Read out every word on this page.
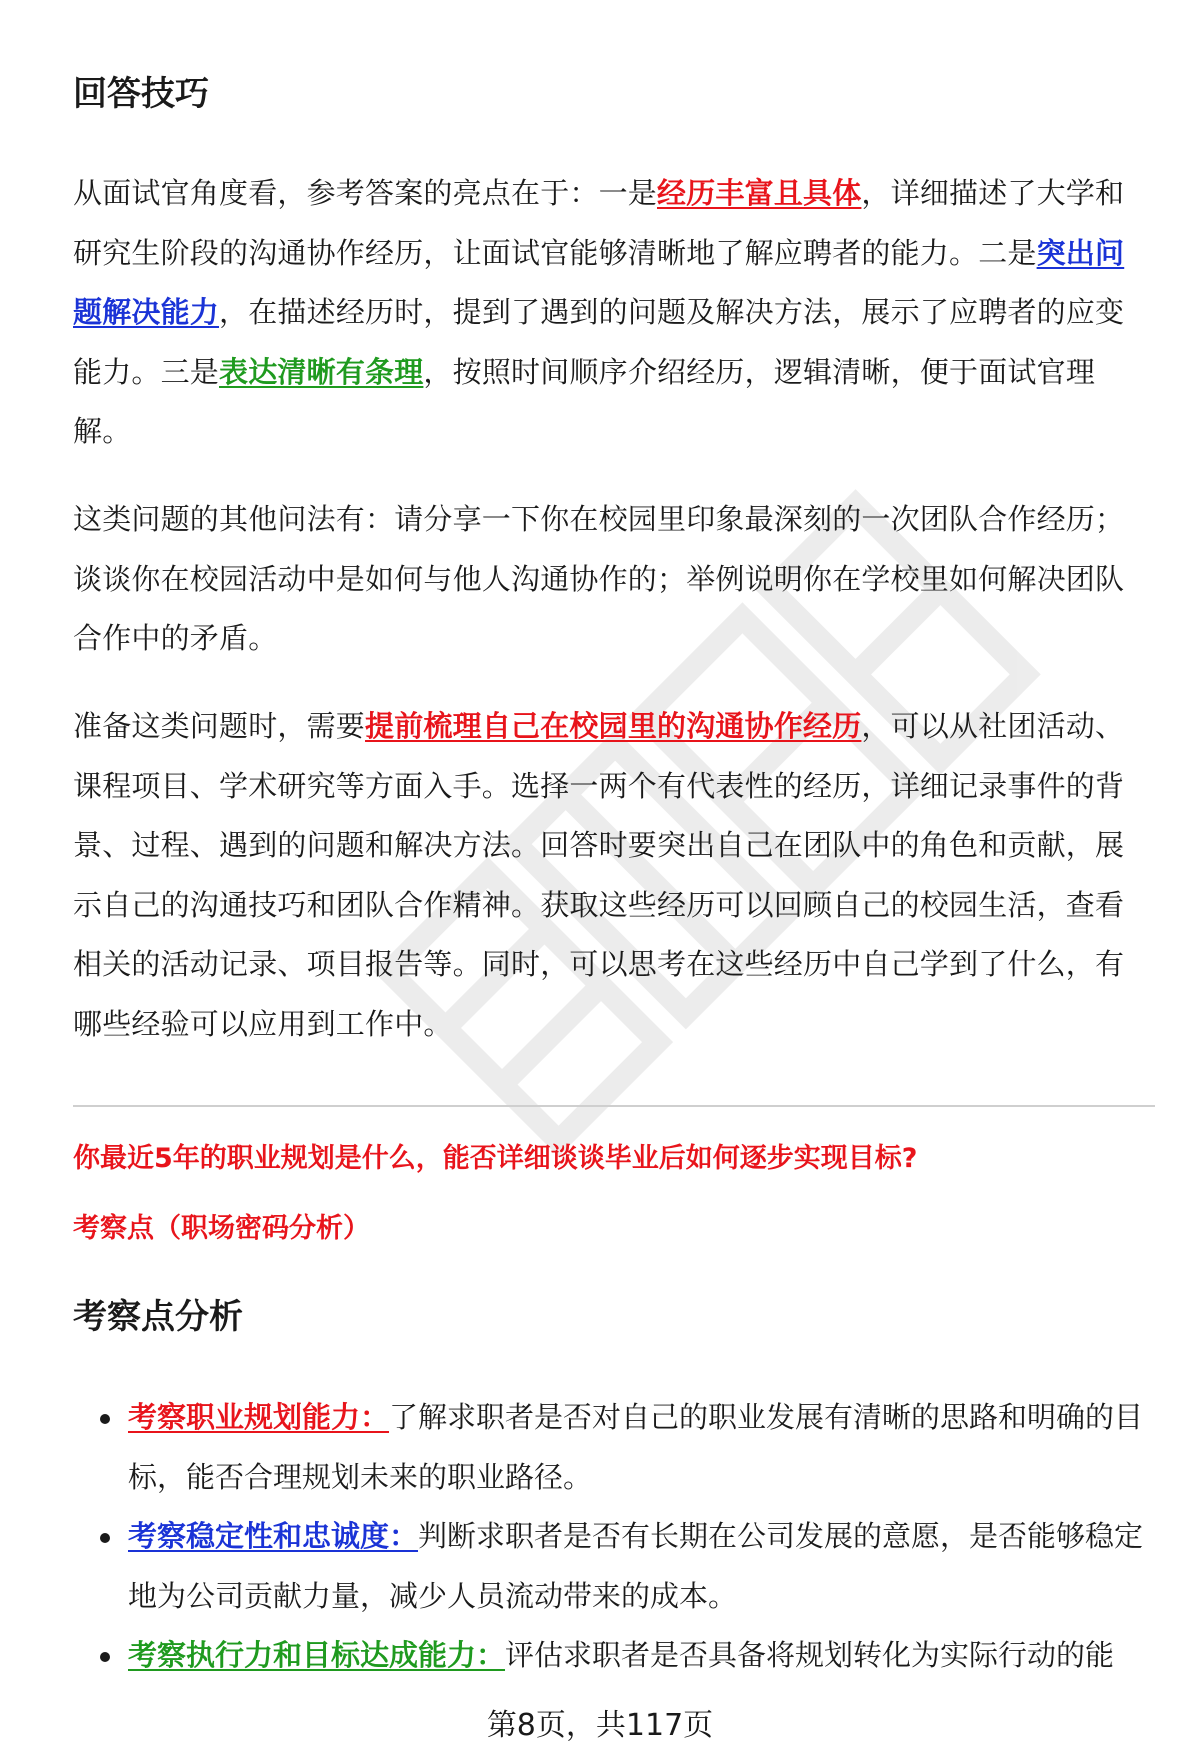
回答技巧

从面试官角度看，参考答案的亮点在于：一是经历丰富且具体，详细描述了大学和研究生阶段的沟通协作经历，让面试官能够清晰地了解应聘者的能力。二是突出问题解决能力，在描述经历时，提到了遇到的问题及解决方法，展示了应聘者的应变能力。三是表达清晰有条理，按照时间顺序介绍经历，逻辑清晰，便于面试官理解。

这类问题的其他问法有：请分享一下你在校园里印象最深刻的一次团队合作经历；谈谈你在校园活动中是如何与他人沟通协作的；举例说明你在学校里如何解决团队合作中的矛盾。

准备这类问题时，需要提前梳理自己在校园里的沟通协作经历，可以从社团活动、课程项目、学术研究等方面入手。选择一两个有代表性的经历，详细记录事件的背景、过程、遇到的问题和解决方法。回答时要突出自己在团队中的角色和贡献，展示自己的沟通技巧和团队合作精神。获取这些经历可以回顾自己的校园生活，查看相关的活动记录、项目报告等。同时，可以思考在这些经历中自己学到了什么，有哪些经验可以应用到工作中。

你最近5年的职业规划是什么，能否详细谈谈毕业后如何逐步实现目标?
考察点（职场密码分析）
考察点分析
考察职业规划能力：了解求职者是否对自己的职业发展有清晰的思路和明确的目标，能否合理规划未来的职业路径。
考察稳定性和忠诚度：判断求职者是否有长期在公司发展的意愿，是否能够稳定地为公司贡献力量，减少人员流动带来的成本。
考察执行力和目标达成能力：评估求职者是否具备将规划转化为实际行动的能
第8页，共117页
